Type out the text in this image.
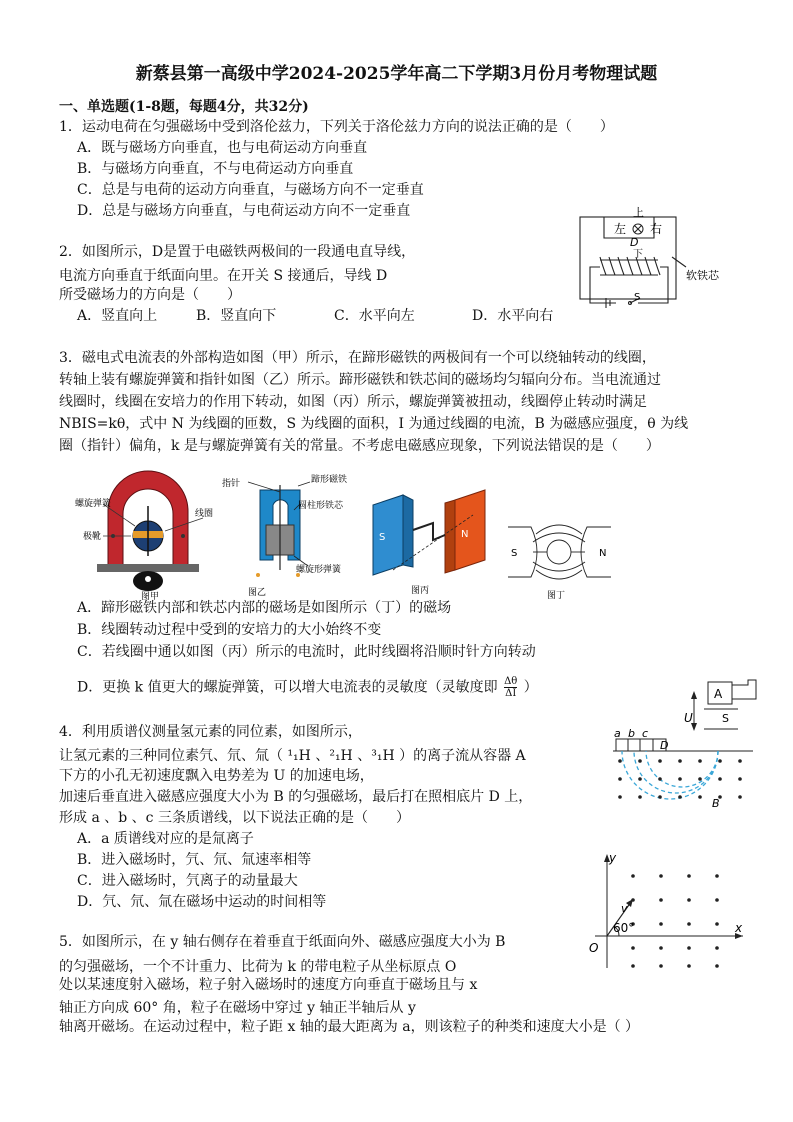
新蔡县第一高级中学2024-2025学年高二下学期3月份月考物理试题
一、单选题(1-8题，每题4分，共32分)
1．运动电荷在匀强磁场中受到洛伦兹力，下列关于洛伦兹力方向的说法正确的是（　　）
A．既与磁场方向垂直，也与电荷运动方向垂直
B．与磁场方向垂直，不与电荷运动方向垂直
C．总是与电荷的运动方向垂直，与磁场方向不一定垂直
D．总是与磁场方向垂直，与电荷运动方向不一定垂直
2．如图所示，D是置于电磁铁两极间的一段通电直导线，
电流方向垂直于纸面向里。在开关 S 接通后，导线 D
所受磁场力的方向是（　　）
A．竖直向上	B．竖直向下	C．水平向左	D．水平向右
上
左 右
D
下
软铁芯
S
3．磁电式电流表的外部构造如图（甲）所示，在蹄形磁铁的两极间有一个可以绕轴转动的线圈，
转轴上装有螺旋弹簧和指针如图（乙）所示。蹄形磁铁和铁芯间的磁场均匀辐向分布。当电流通过
线圈时，线圈在安培力的作用下转动，如图（丙）所示，螺旋弹簧被扭动，线圈停止转动时满足
NBIS=kθ，式中 N 为线圈的匝数，S 为线圈的面积，I 为通过线圈的电流，B 为磁感应强度，θ 为线
圈（指针）偏角，k 是与螺旋弹簧有关的常量。不考虑电磁感应现象，下列说法错误的是（　　）
螺旋弹簧
极靴
线圈
图甲
指针	蹄形磁铁
圆柱形铁芯
螺旋形弹簧
图乙
S	N
图丙
S	N
图丁
A．蹄形磁铁内部和铁芯内部的磁场是如图所示（丁）的磁场
B．线圈转动过程中受到的安培力的大小始终不变
C．若线圈中通以如图（丙）所示的电流时，此时线圈将沿顺时针方向转动
D．更换 k 值更大的螺旋弹簧，可以增大电流表的灵敏度（灵敏度即 $\frac{\Delta\theta}{\Delta I}$ ）
4．利用质谱仪测量氢元素的同位素，如图所示，
让氢元素的三种同位素氕、氘、氚（ ¹₁H 、²₁H 、³₁H ）的离子流从容器 A
下方的小孔无初速度飘入电势差为 U 的加速电场，
加速后垂直进入磁感应强度大小为 B 的匀强磁场，最后打在照相底片 D 上，
形成 a 、b 、c 三条质谱线，以下说法正确的是（　　）
A．a 质谱线对应的是氚离子
B．进入磁场时，氕、氘、氚速率相等
C．进入磁场时，氕离子的动量最大
D．氕、氘、氚在磁场中运动的时间相等
A
U	S
a b c
D
B
5．如图所示，在 y 轴右侧存在着垂直于纸面向外、磁感应强度大小为 B
的匀强磁场，一个不计重力、比荷为 k 的带电粒子从坐标原点 O
处以某速度射入磁场，粒子射入磁场时的速度方向垂直于磁场且与 x
轴正方向成 60° 角，粒子在磁场中穿过 y 轴正半轴后从 y
轴离开磁场。在运动过程中，粒子距 x 轴的最大距离为 a，则该粒子的种类和速度大小是（ ）
y
x
O
v
60°
